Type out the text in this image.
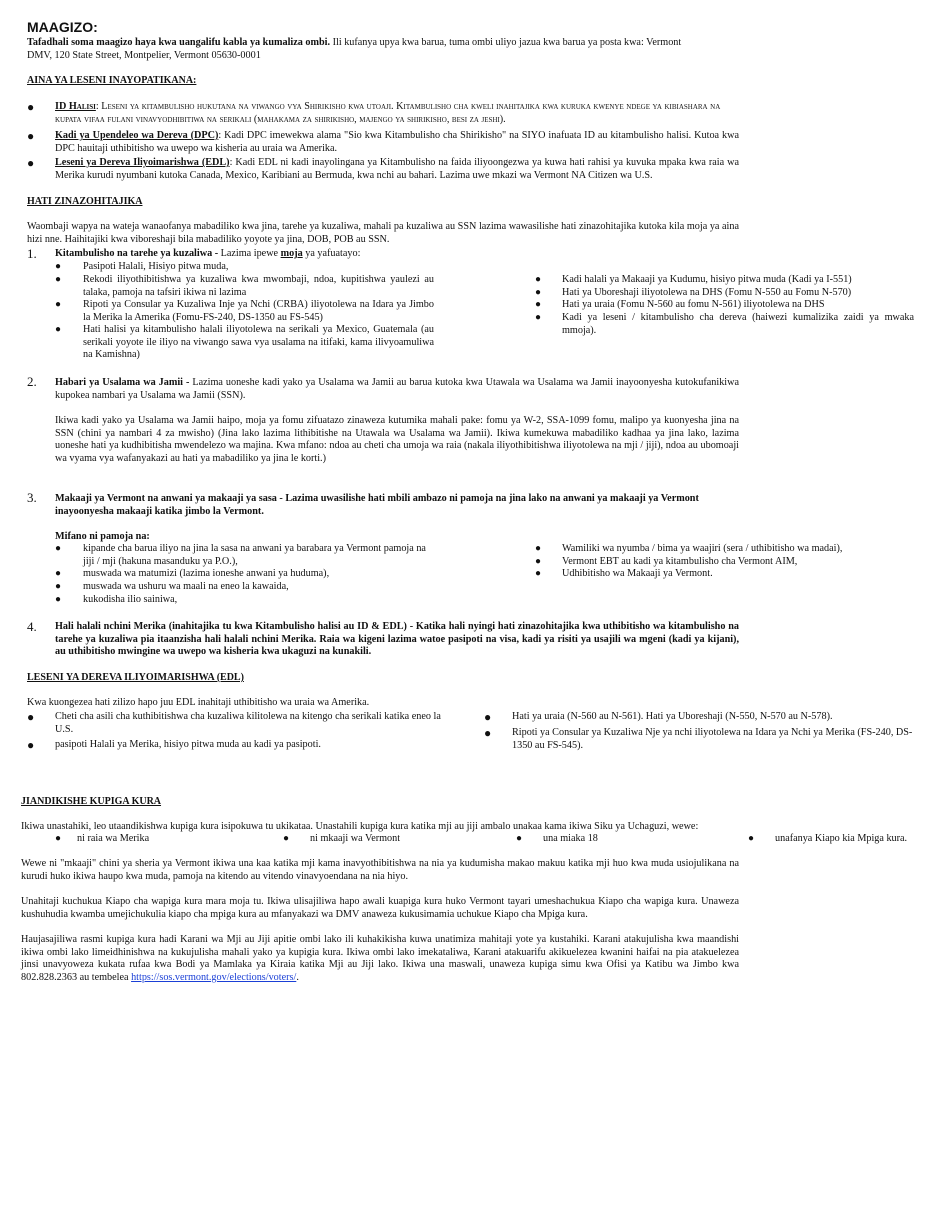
MAAGIZO:
Tafadhali soma maagizo haya kwa uangalifu kabla ya kumaliza ombi. Ili kufanya upya kwa barua, tuma ombi uliyo jazua kwa barua ya posta kwa: Vermont
DMV, 120 State Street, Montpelier, Vermont 05630-0001
AINA YA LESENI INAYOPATIKANA:
● ID Halisi: Leseni ya kitambulisho hukutana na viwango vya Shirikisho kwa utoaji. Kitambulisho cha kweli inahitajika kwa kuruka kwenye ndege ya kibiashara na kupata vifaa fulani vinavyodhibitiwa na serikali (mahakama za shirikisho, majengo ya shirikisho, besi za jeshi).
● Kadi ya Upendeleo wa Dereva (DPC): Kadi DPC imewekwa alama "Sio kwa Kitambulisho cha Shirikisho" na SIYO inafuata ID au kitambulisho halisi. Kutoa kwa DPC hauitaji uthibitisho wa uwepo wa kisheria au uraia wa Amerika.
● Leseni ya Dereva Iliyoimarishwa (EDL): Kadi EDL ni kadi inayolingana ya Kitambulisho na faida iliyoongezwa ya kuwa hati rahisi ya kuvuka mpaka kwa raia wa Merika kurudi nyumbani kutoka Canada, Mexico, Karibiani au Bermuda, kwa nchi au bahari. Lazima uwe mkazi wa Vermont NA Citizen wa U.S.
HATI ZINAZOHITAJIKA
Waombaji wapya na wateja wanaofanya mabadiliko kwa jina, tarehe ya kuzaliwa, mahali pa kuzaliwa au SSN lazima wawasilishe hati zinazohitajika kutoka kila moja ya aina hizi nne. Haihitajiki kwa viboreshaji bila mabadiliko yoyote ya jina, DOB, POB au SSN.
1. Kitambulisho na tarehe ya kuzaliwa - Lazima ipewe moja ya yafuatayo:
● Pasipoti Halali, Hisiyo pitwa muda,
● Rekodi iliyothibitishwa ya kuzaliwa kwa mwombaji, ndoa, kupitishwa yaulezi au talaka, pamoja na tafsiri ikiwa ni lazima
● Ripoti ya Consular ya Kuzaliwa Inje ya Nchi (CRBA) iliyotolewa na Idara ya Jimbo la Merika la Amerika (Fomu-FS-240, DS-1350 au FS-545)
● Hati halisi ya kitambulisho halali iliyotolewa na serikali ya Mexico, Guatemala (au serikali yoyote ile iliyo na viwango sawa vya usalama na itifaki, kama ilivyoamuliwa na Kamishna)
● Kadi halali ya Makaaji ya Kudumu, hisiyo pitwa muda (Kadi ya I-551)
● Hati ya Uboreshaji iliyotolewa na DHS (Fomu N-550 au Fomu N-570)
● Hati ya uraia (Fomu N-560 au fomu N-561) iliyotolewa na DHS
● Kadi ya leseni / kitambulisho cha dereva (haiwezi kumalizika zaidi ya mwaka mmoja).
2. Habari ya Usalama wa Jamii - Lazima uoneshe kadi yako ya Usalama wa Jamii au barua kutoka kwa Utawala wa Usalama wa Jamii inayoonyesha kutokufanikiwa kupokea nambari ya Usalama wa Jamii (SSN).
Ikiwa kadi yako ya Usalama wa Jamii haipo, moja ya fomu zifuatazo zinaweza kutumika mahali pake: fomu ya W-2, SSA-1099 fomu, malipo ya kuonyesha jina na SSN (chini ya nambari 4 za mwisho) (Jina lako lazima lithibitishe na Utawala wa Usalama wa Jamii). Ikiwa kumekuwa mabadiliko kadhaa ya jina lako, lazima uoneshe hati ya kudhibitisha mwendelezo wa majina. Kwa mfano: ndoa au cheti cha umoja wa raia (nakala iliyothibitishwa iliyotolewa na mji / jiji), ndoa au ubomoaji wa vyama vya wafanyakazi au hati ya mabadiliko ya jina le korti.)
3. Makaaji ya Vermont na anwani ya makaaji ya sasa - Lazima uwasilishe hati mbili ambazo ni pamoja na jina lako na anwani ya makaaji ya Vermont inayoonyesha makaaji katika jimbo la Vermont.
Mifano ni pamoja na:
● kipande cha barua iliyo na jina la sasa na anwani ya barabara ya Vermont pamoja na jiji / mji (hakuna masanduku ya P.O.),
● muswada wa matumizi (lazima ioneshe anwani ya huduma),
● muswada wa ushuru wa maali na eneo la kawaida,
● kukodisha ilio sainiwa,
● Wamiliki wa nyumba / bima ya waajiri (sera / uthibitisho wa madai),
● Vermont EBT au kadi ya kitambulisho cha Vermont AIM,
● Udhibitisho wa Makaaji ya Vermont.
4. Hali halali nchini Merika (inahitajika tu kwa Kitambulisho halisi au ID & EDL) - Katika hali nyingi hati zinazohitajika kwa uthibitisho wa kitambulisho na tarehe ya kuzaliwa pia itaanzisha hali halali nchini Merika. Raia wa kigeni lazima watoe pasipoti na visa, kadi ya risiti ya usajili wa mgeni (kadi ya kijani), au uthibitisho mwingine wa uwepo wa kisheria kwa ukaguzi na kunakili.
LESENI YA DEREVA ILIYOIMARISHWA (EDL)
Kwa kuongezea hati zilizo hapo juu EDL inahitaji uthibitisho wa uraia wa Amerika.
● Cheti cha asili cha kuthibitishwa cha kuzaliwa kilitolewa na kitengo cha serikali katika eneo la U.S.
● pasipoti Halali ya Merika, hisiyo pitwa muda au kadi ya pasipoti.
● Hati ya uraia (N-560 au N-561). Hati ya Uboreshaji (N-550, N-570 au N-578).
● Ripoti ya Consular ya Kuzaliwa Nje ya nchi iliyotolewa na Idara ya Nchi ya Merika (FS-240, DS-1350 au FS-545).
JIANDIKISHE KUPIGA KURA
Ikiwa unastahiki, leo utaandikishwa kupiga kura isipokuwa tu ukikataa. Unastahili kupiga kura katika mji au jiji ambalo unakaa kama ikiwa Siku ya Uchaguzi, wewe:
● ni raia wa Merika	● ni mkaaji wa Vermont	● una miaka 18	● unafanya Kiapo kia Mpiga kura.
Wewe ni "mkaaji" chini ya sheria ya Vermont ikiwa una kaa katika mji kama inavyothibitishwa na nia ya kudumisha makao makuu katika mji huo kwa muda usiojulikana na kurudi huko ikiwa haupo kwa muda, pamoja na kitendo au vitendo vinavyoendana na nia hiyo.
Unahitaji kuchukua Kiapo cha wapiga kura mara moja tu. Ikiwa ulisajiliwa hapo awali kuapiga kura huko Vermont tayari umeshachukua Kiapo cha wapiga kura. Unaweza kushuhudia kwamba umejichukulia kiapo cha mpiga kura au mfanyakazi wa DMV anaweza kukusimamia uchukue Kiapo cha Mpiga kura.
Haujasajiliwa rasmi kupiga kura hadi Karani wa Mji au Jiji apitie ombi lako ili kuhakikisha kuwa unatimiza mahitaji yote ya kustahiki. Karani atakujulisha kwa maandishi ikiwa ombi lako limeidhinishwa na kukujulisha mahali yako ya kupigia kura. Ikiwa ombi lako imekataliwa, Karani atakuarifu akikuelezea kwanini haifai na pia atakuelezea jinsi unavyoweza kukata rufaa kwa Bodi ya Mamlaka ya Kiraia katika Mji au Jiji lako. Ikiwa una maswali, unaweza kupiga simu kwa Ofisi ya Katibu wa Jimbo kwa 802.828.2363 au tembelea https://sos.vermont.gov/elections/voters/.
